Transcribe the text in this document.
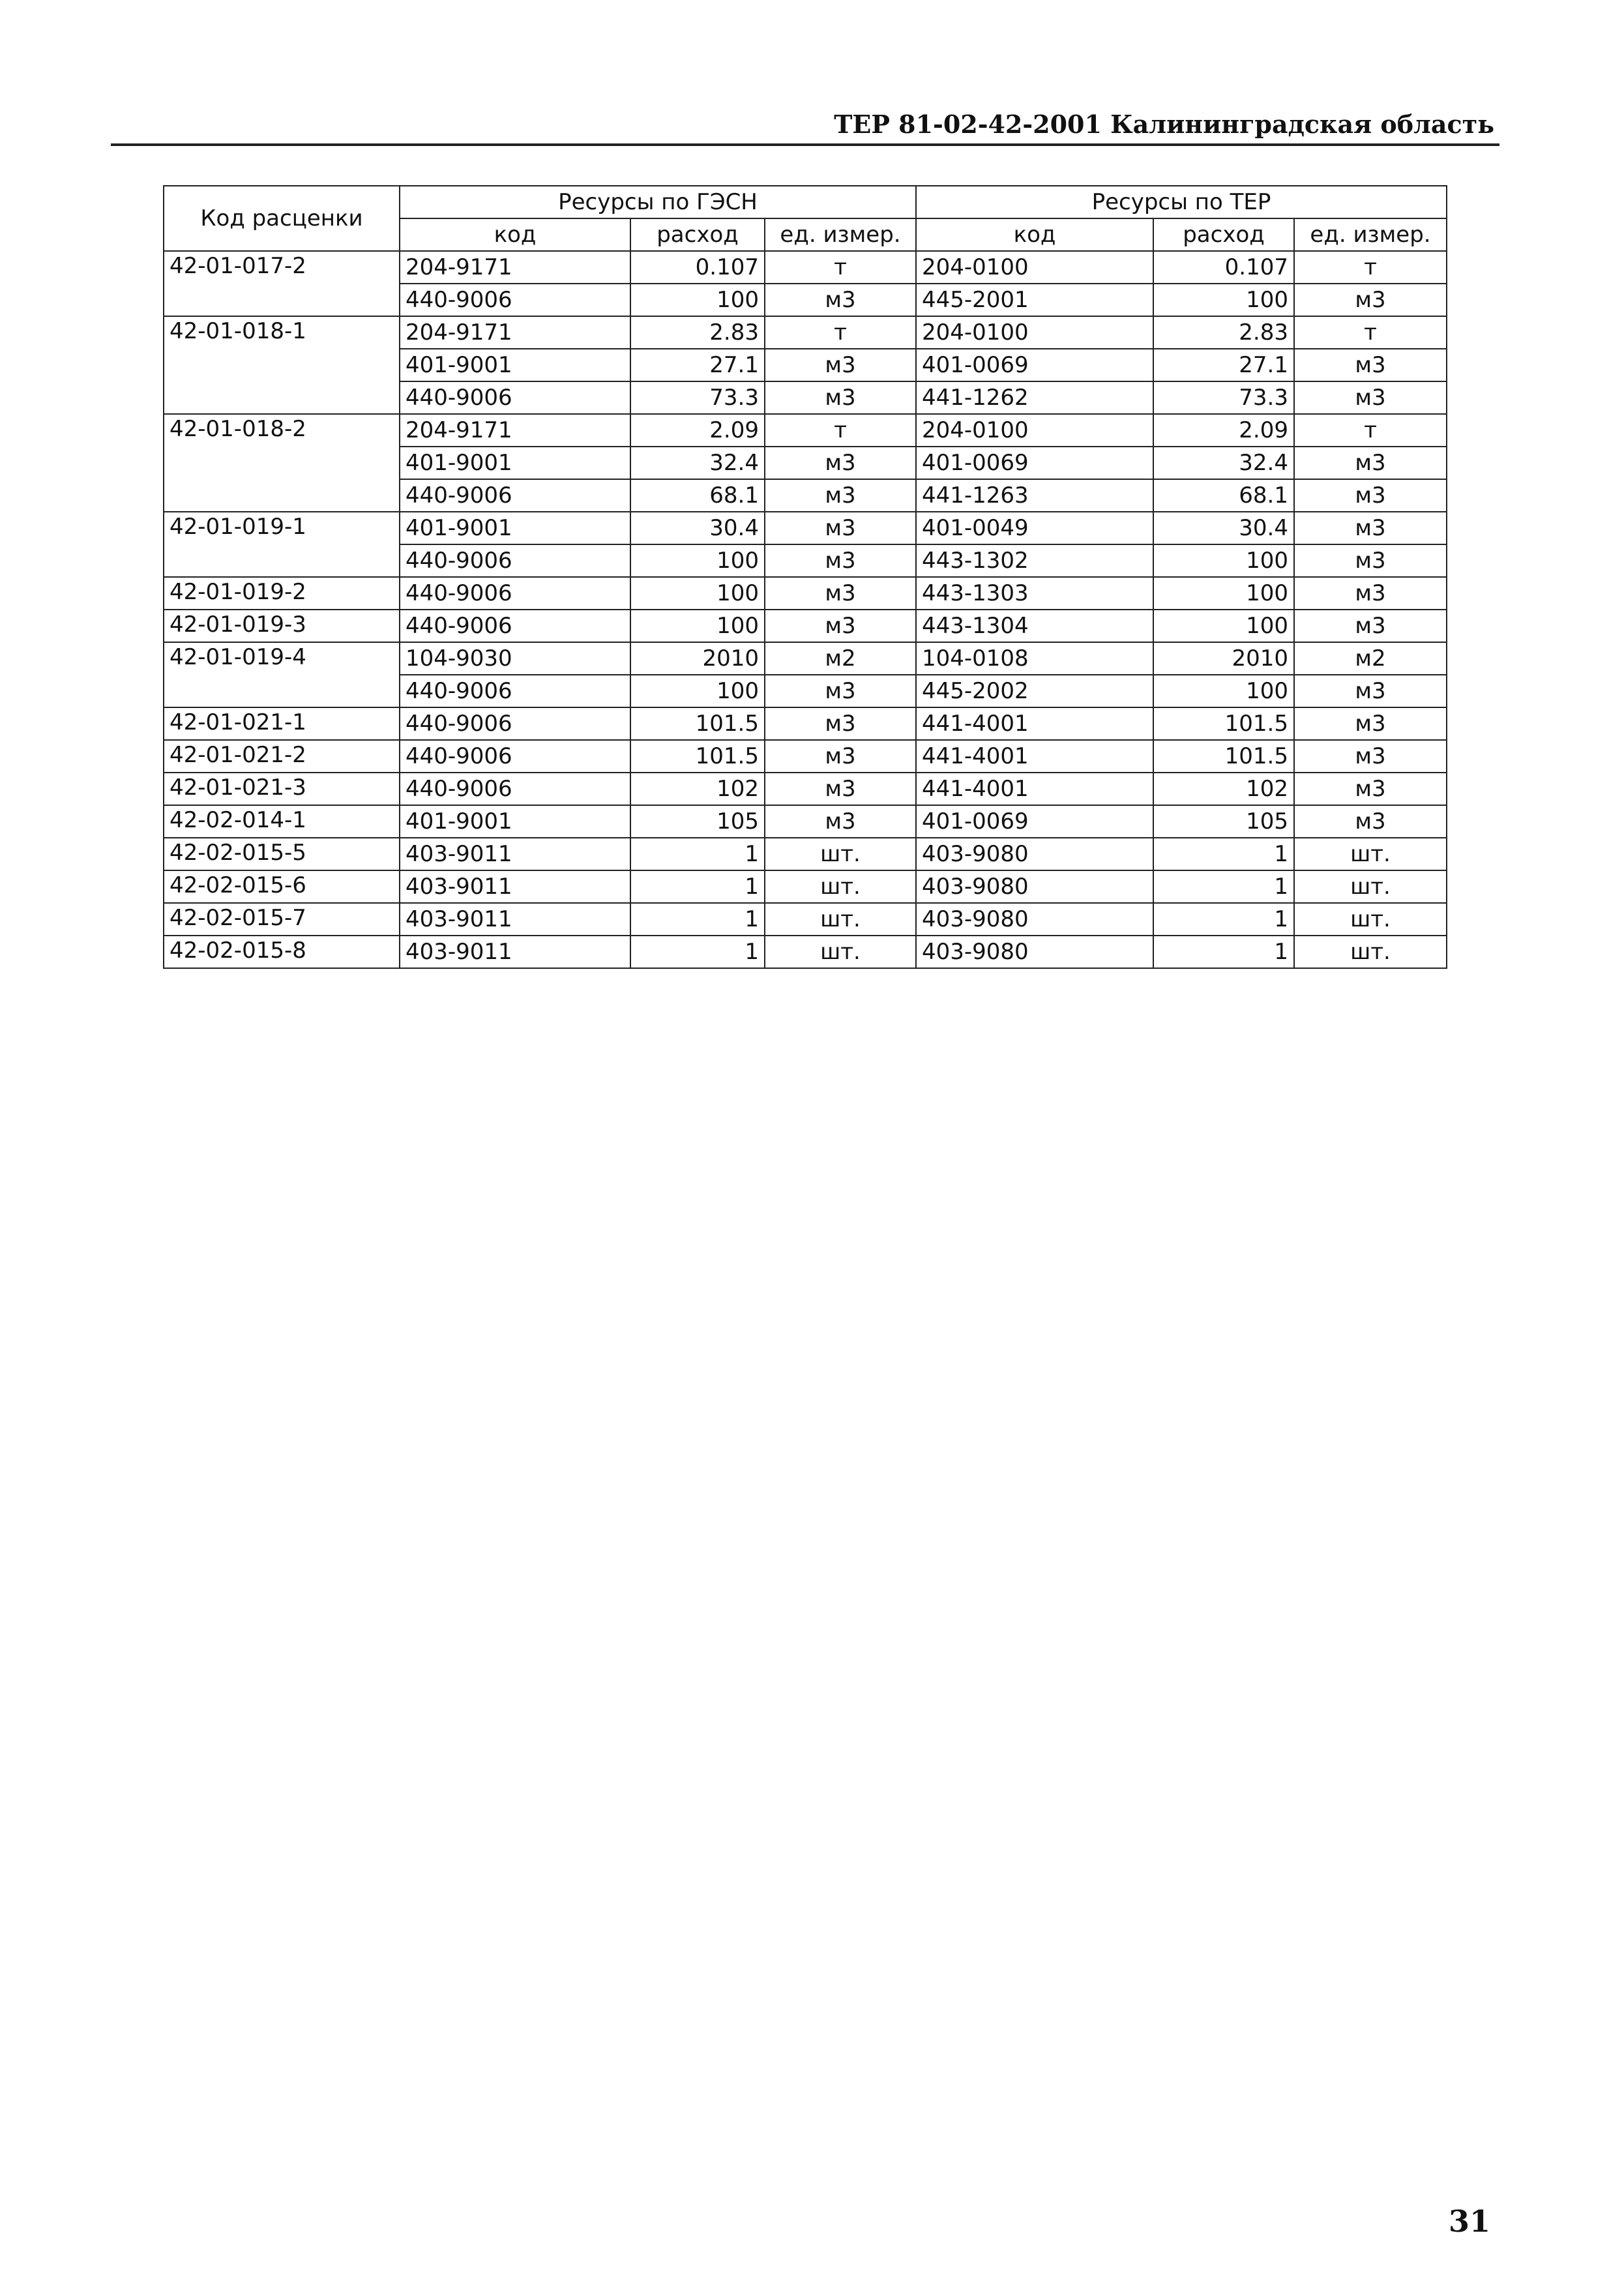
ТЕР 81-02-42-2001 Калининградская область
Код расценки	Ресурсы по ГЭСН			Ресурсы по ТЕР		
	код	расход	ед. измер.	код	расход	ед. измер.
42-01-017-2	204-9171	0.107	т	204-0100	0.107	т
	440-9006	100	м3	445-2001	100	м3
42-01-018-1	204-9171	2.83	т	204-0100	2.83	т
	401-9001	27.1	м3	401-0069	27.1	м3
	440-9006	73.3	м3	441-1262	73.3	м3
42-01-018-2	204-9171	2.09	т	204-0100	2.09	т
	401-9001	32.4	м3	401-0069	32.4	м3
	440-9006	68.1	м3	441-1263	68.1	м3
42-01-019-1	401-9001	30.4	м3	401-0049	30.4	м3
	440-9006	100	м3	443-1302	100	м3
42-01-019-2	440-9006	100	м3	443-1303	100	м3
42-01-019-3	440-9006	100	м3	443-1304	100	м3
42-01-019-4	104-9030	2010	м2	104-0108	2010	м2
	440-9006	100	м3	445-2002	100	м3
42-01-021-1	440-9006	101.5	м3	441-4001	101.5	м3
42-01-021-2	440-9006	101.5	м3	441-4001	101.5	м3
42-01-021-3	440-9006	102	м3	441-4001	102	м3
42-02-014-1	401-9001	105	м3	401-0069	105	м3
42-02-015-5	403-9011	1	шт.	403-9080	1	шт.
42-02-015-6	403-9011	1	шт.	403-9080	1	шт.
42-02-015-7	403-9011	1	шт.	403-9080	1	шт.
42-02-015-8	403-9011	1	шт.	403-9080	1	шт.
31
